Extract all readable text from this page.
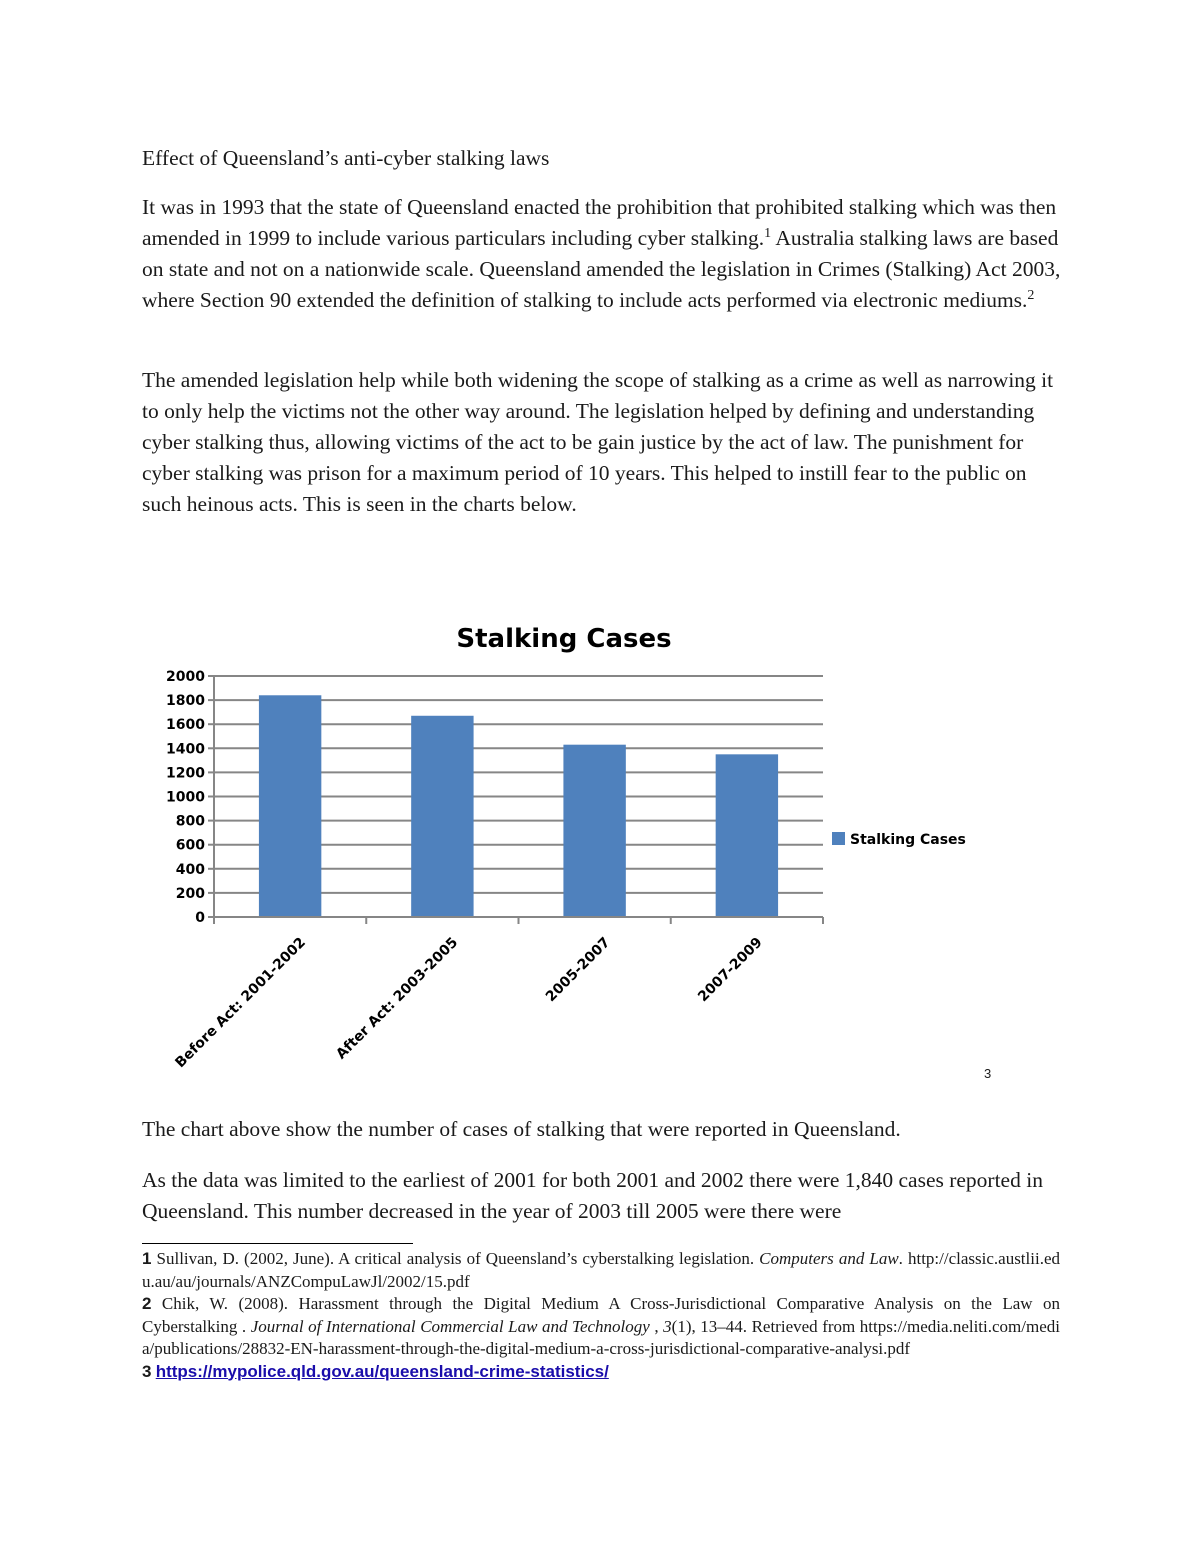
Effect of Queensland’s anti-cyber stalking laws

It was in 1993 that the state of Queensland enacted the prohibition that prohibited stalking which was then amended in 1999 to include various particulars including cyber stalking.$^1$ Australia stalking laws are based on state and not on a nationwide scale. Queensland amended the legislation in Crimes (Stalking) Act 2003, where Section 90 extended the definition of stalking to include acts performed via electronic mediums.$^2$

The amended legislation help while both widening the scope of stalking as a crime as well as narrowing it to only help the victims not the other way around. The legislation helped by defining and understanding cyber stalking thus, allowing victims of the act to be gain justice by the act of law. The punishment for cyber stalking was prison for a maximum period of 10 years. This helped to instill fear to the public on such heinous acts. This is seen in the charts below.

Stalking Cases
0
200
400
600
800
1000
1200
1400
1600
1800
2000
Before Act: 2001-2002 After Act: 2003-2005	2005-2007	2007-2009
Stalking Cases
3

The chart above show the number of cases of stalking that were reported in Queensland.

As the data was limited to the earliest of 2001 for both 2001 and 2002 there were 1,840 cases reported in Queensland. This number decreased in the year of 2003 till 2005 were there were

1 Sullivan, D. (2002, June). A critical analysis of Queensland’s cyberstalking legislation. Computers and Law. http://classic.austlii.edu.au/au/journals/ANZCompuLawJl/2002/15.pdf

2 Chik, W. (2008). Harassment through the Digital Medium A Cross-Jurisdictional Comparative Analysis on the Law on Cyberstalking . Journal of International Commercial Law and Technology , 3(1), 13–44. Retrieved from https://media.neliti.com/media/publications/28832-EN-harassment-through-the-digital-medium-a-cross-jurisdictional-comparative-analysi.pdf

3 https://mypolice.qld.gov.au/queensland-crime-statistics/
